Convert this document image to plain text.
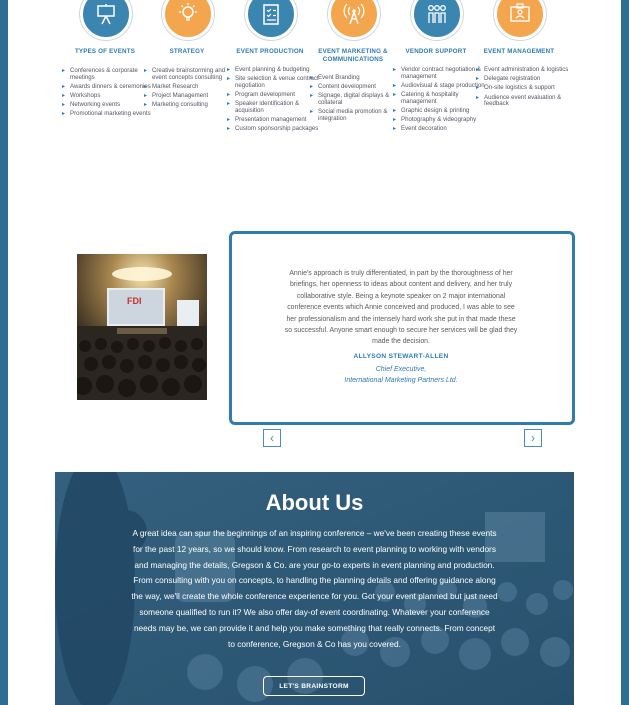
TYPES OF EVENTS
▸ Conferences & corporate meetings
▸ Awards dinners & ceremonies
▸ Workshops
▸ Networking events
▸ Promotional marketing events
STRATEGY
▸ Creative brainstorming and event concepts consulting
▸ Market Research
▸ Project Management
▸ Marketing consulting
EVENT PRODUCTION
▸ Event planning & budgeting
▸ Site selection & venue contract negotiation
▸ Program development
▸ Speaker identification & acquisition
▸ Presentation management
▸ Custom sponsorship packages
EVENT MARKETING & COMMUNICATIONS
▸ Event Branding
▸ Content development
▸ Signage, digital displays & collateral
▸ Social media promotion & integration
VENDOR SUPPORT
▸ Vendor contract negotiation & management
▸ Audiovisual & stage production
▸ Catering & hospitality management
▸ Graphic design & printing
▸ Photography & videography
▸ Event decoration
EVENT MANAGEMENT
▸ Event administration & logistics
▸ Delegate registration
▸ On-site logistics & support
▸ Audience event evaluation & feedback
FDI
Annie's approach is truly differentiated, in part by the thoroughness of her briefings, her openness to ideas about content and delivery, and her truly collaborative style. Being a keynote speaker on 2 major international conference events which Annie conceived and produced, I was able to see her professionalism and the intensely hard work she put in that made these so successful. Anyone smart enough to secure her services will be glad they made the decision.
ALLYSON STEWART-ALLEN
Chief Executive,
International Marketing Partners Ltd.
‹	›
About Us
A great idea can spur the beginnings of an inspiring conference – we've been creating these events for the past 12 years, so we should know. From research to event planning to working with vendors and managing the details, Gregson & Co. are your go-to experts in event planning and production. From consulting with you on concepts, to handling the planning details and offering guidance along the way, we'll create the whole conference experience for you. Got your event planned but just need someone qualified to run it? We also offer day-of event coordinating. Whatever your conference needs may be, we can provide it and help you make something that really connects. From concept to conference, Gregson & Co has you covered.
LET'S BRAINSTORM
